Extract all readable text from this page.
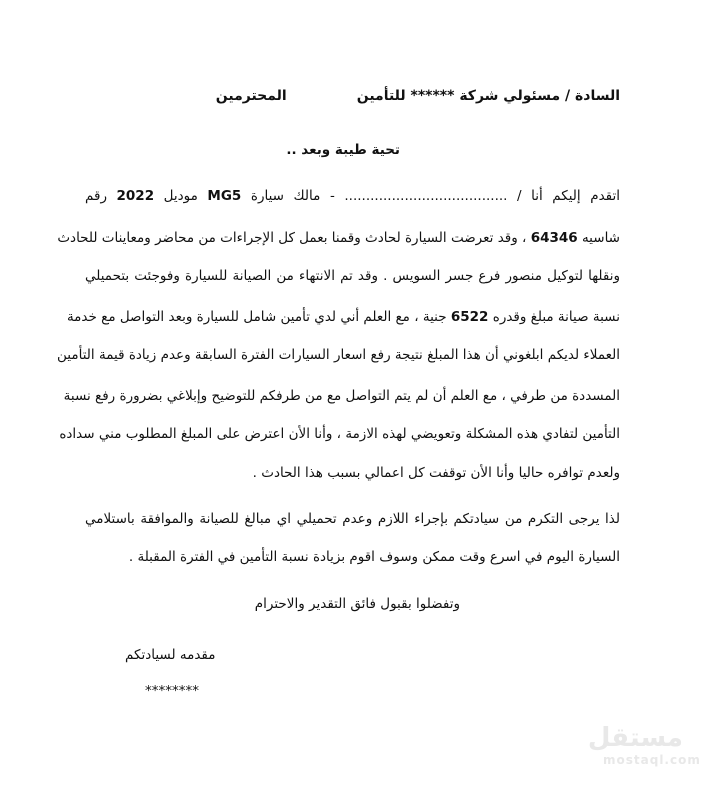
السادة / مسئولي شركة ****** للتأمينالمحترمين
تحية طيبة وبعد ..
اتقدم إليكم أنا / ...................................... - مالك سيارة MG5 موديل 2022 رقم
شاسيه 64346 ، وقد تعرضت السيارة لحادث وقمنا بعمل كل الإجراءات من محاضر ومعاينات للحادث
ونقلها لتوكيل منصور فرع جسر السويس . وقد تم الانتهاء من الصيانة للسيارة وفوجئت بتحميلي
نسبة صيانة مبلغ وقدره 6522 جنية ، مع العلم أني لدي تأمين شامل للسيارة وبعد التواصل مع خدمة
العملاء لديكم ابلغوني أن هذا المبلغ نتيجة رفع اسعار السيارات الفترة السابقة وعدم زيادة قيمة التأمين
المسددة من طرفي ، مع العلم أن لم يتم التواصل مع من طرفكم للتوضيح وإبلاغي بضرورة رفع نسبة
التأمين لتفادي هذه المشكلة وتعويضي لهذه الازمة ، وأنا الأن اعترض على المبلغ المطلوب مني سداده
ولعدم توافره حاليا وأنا الأن توقفت كل اعمالي بسبب هذا الحادث .
لذا يرجى التكرم من سيادتكم بإجراء اللازم وعدم تحميلي اي مبالغ للصيانة والموافقة باستلامي
السيارة اليوم في اسرع وقت ممكن وسوف اقوم بزيادة نسبة التأمين في الفترة المقبلة .
وتفضلوا بقبول فائق التقدير والاحترام
مقدمه لسيادتكم
********
مستقل
mostaql.com
